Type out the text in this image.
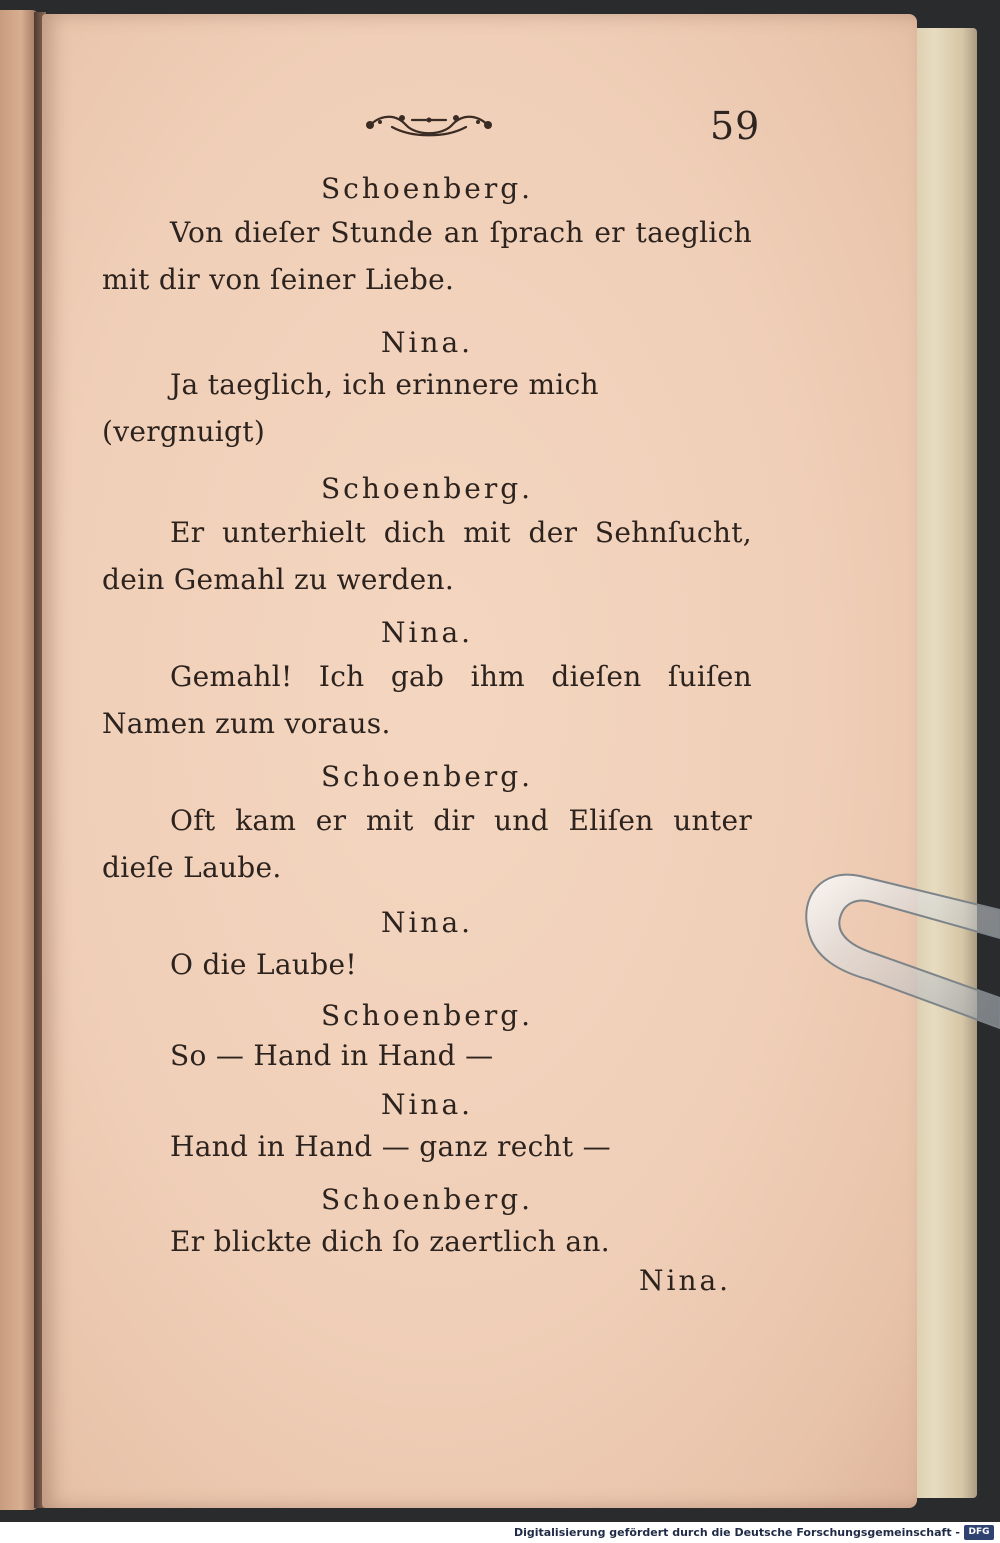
59
Schoenberg.
Von dieſer Stunde an ſprach er taeglich mit dir von ſeiner Liebe.
Nina.
Ja taeglich, ich erinnere mich (vergnuigt)
Schoenberg.
Er unterhielt dich mit der Sehnſucht, dein Gemahl zu werden.
Nina.
Gemahl! Ich gab ihm dieſen ſuiſen Namen zum voraus.
Schoenberg.
Oft kam er mit dir und Eliſen unter dieſe Laube.
Nina.
O die Laube!
Schoenberg.
So — Hand in Hand —
Nina.
Hand in Hand — ganz recht —
Schoenberg.
Er blickte dich ſo zaertlich an.
Nina.
Digitalisierung gefördert durch die Deutsche Forschungsgemeinschaft - DFG
